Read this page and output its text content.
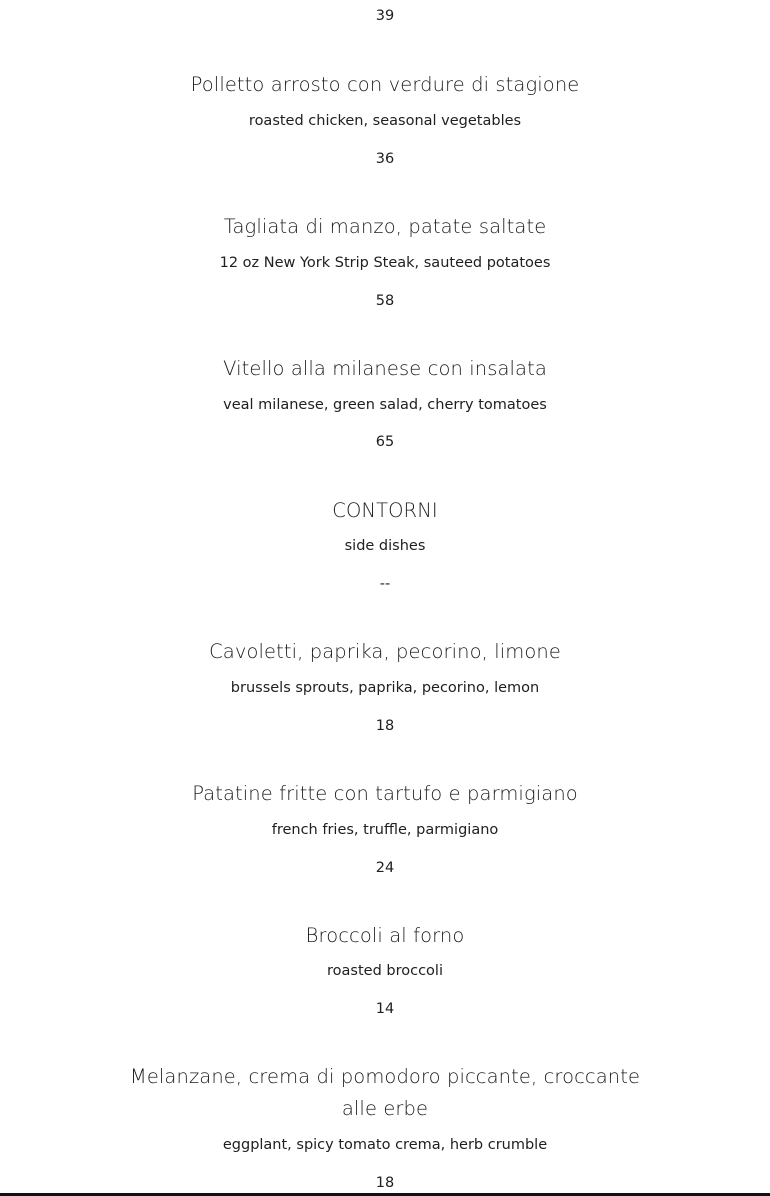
39
Polletto arrosto con verdure di stagione
roasted chicken, seasonal vegetables
36
Tagliata di manzo, patate saltate
12 oz New York Strip Steak, sauteed potatoes
58
Vitello alla milanese con insalata
veal milanese, green salad, cherry tomatoes
65
CONTORNI
side dishes
--
Cavoletti, paprika, pecorino, limone
brussels sprouts, paprika, pecorino, lemon
18
Patatine fritte con tartufo e parmigiano
french fries, truffle, parmigiano
24
Broccoli al forno
roasted broccoli
14
Melanzane, crema di pomodoro piccante, croccante alle erbe
eggplant, spicy tomato crema, herb crumble
18
